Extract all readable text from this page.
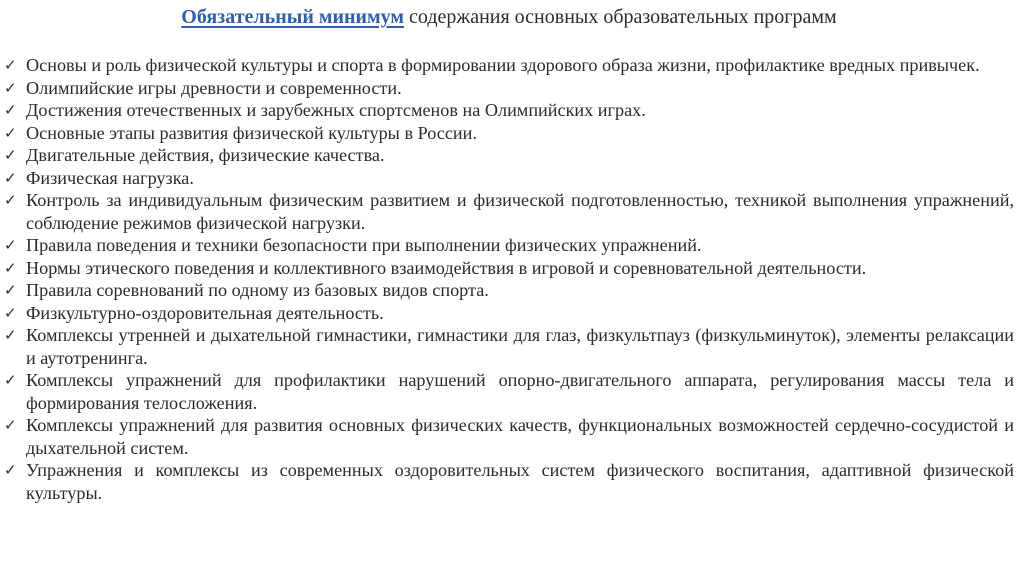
Обязательный минимум содержания основных образовательных программ
✓ Основы и роль физической культуры и спорта в формировании здорового образа жизни, профилактике вредных привычек.
✓ Олимпийские игры древности и современности.
✓ Достижения отечественных и зарубежных спортсменов на Олимпийских играх.
✓ Основные этапы развития физической культуры в России.
✓ Двигательные действия, физические качества.
✓ Физическая нагрузка.
✓ Контроль за индивидуальным физическим развитием и физической подготовленностью, техникой выполнения упражнений, соблюдение режимов физической нагрузки.
✓ Правила поведения и техники безопасности при выполнении физических упражнений.
✓ Нормы этического поведения и коллективного взаимодействия в игровой и соревновательной деятельности.
✓ Правила соревнований по одному из базовых видов спорта.
✓ Физкультурно-оздоровительная деятельность.
✓ Комплексы утренней и дыхательной гимнастики, гимнастики для глаз, физкультпауз (физкульминуток), элементы релаксации и аутотренинга.
✓ Комплексы упражнений для профилактики нарушений опорно-двигательного аппарата, регулирования массы тела и формирования телосложения.
✓ Комплексы упражнений для развития основных физических качеств, функциональных возможностей сердечно-сосудистой и дыхательной систем.
✓ Упражнения и комплексы из современных оздоровительных систем физического воспитания, адаптивной физической культуры.
